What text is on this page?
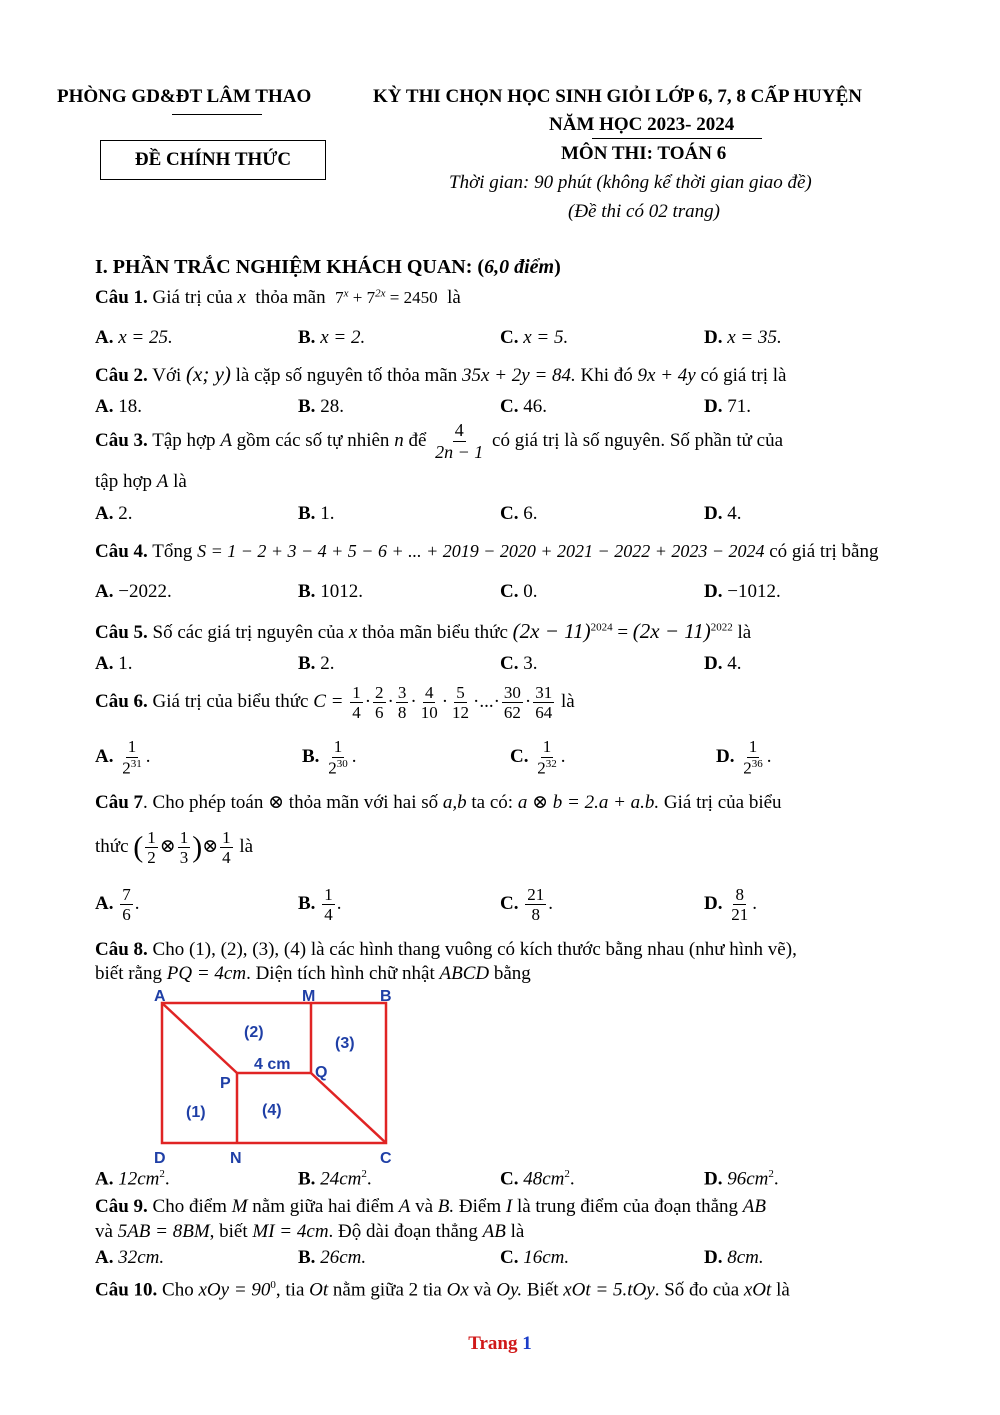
PHÒNG GD&ĐT LÂM THAO	KỲ THI CHỌN HỌC SINH GIỎI LỚP 6, 7, 8 CẤP HUYỆN
NĂM HỌC 2023- 2024
MÔN THI: TOÁN 6
Thời gian: 90 phút (không kể thời gian giao đề)
(Đề thi có 02 trang)
ĐỀ CHÍNH THỨC
I. PHẦN TRẮC NGHIỆM KHÁCH QUAN: (6,0 điểm)
Câu 1. Giá trị của x thỏa mãn $7^x + 7^{2x} = 2450$ là
A. x = 25.	B. x = 2.	C. x = 5.	D. x = 35.
Câu 2. Với (x; y) là cặp số nguyên tố thỏa mãn 35x + 2y = 84. Khi đó 9x + 4y có giá trị là
A. 18.	B. 28.	C. 46.	D. 71.
Câu 3. Tập hợp A gồm các số tự nhiên n để $\frac{4}{2n - 1}$ có giá trị là số nguyên. Số phần tử của
tập hợp A là
A. 2.	B. 1.	C. 6.	D. 4.
Câu 4. Tổng S = 1 − 2 + 3 − 4 + 5 − 6 + ... + 2019 − 2020 + 2021 − 2022 + 2023 − 2024 có giá trị bằng
A. −2022.	B. 1012.	C. 0.	D. −1012.
Câu 5. Số các giá trị nguyên của x thỏa mãn biểu thức $(2x - 11)^{2024} = (2x - 11)^{2022}$ là
A. 1.	B. 2.	C. 3.	D. 4.
Câu 6. Giá trị của biểu thức $C = \frac{1}{4} \cdot \frac{2}{6} \cdot \frac{3}{8} \cdot \frac{4}{10} \cdot \frac{5}{12}$ ·...· $\frac{30}{62} \cdot \frac{31}{64}$ là
A. $\frac{1}{2^{31}}$ .	B. $\frac{1}{2^{30}}$ .	C. $\frac{1}{2^{32}}$ .	D. $\frac{1}{2^{36}}$ .
Câu 7. Cho phép toán ⊗ thỏa mãn với hai số a,b ta có: a ⊗ b = 2.a + a.b. Giá trị của biểu
thức ( $\frac{1}{2}$ ⊗ $\frac{1}{3}$ )⊗ $\frac{1}{4}$ là
A. $\frac{7}{6}$ .	B. $\frac{1}{4}$ .	C. $\frac{21}{8}$ .	D. $\frac{8}{21}$ .
Câu 8. Cho (1), (2), (3), (4) là các hình thang vuông có kích thước bằng nhau (như hình vẽ),
biết rằng PQ = 4cm. Diện tích hình chữ nhật ABCD bằng
A	M	B
D	N	C
P
Q
(2)
(3)
(1)	(4)
4 cm
A. $12cm^2$.	B. $24cm^2$.	C. $48cm^2$.	D. $96cm^2$.
Câu 9. Cho điểm M nằm giữa hai điểm A và B. Điểm I là trung điểm của đoạn thẳng AB
và 5AB = 8BM, biết MI = 4cm. Độ dài đoạn thẳng AB là
A. 32cm.	B. 26cm.	C. 16cm.	D. 8cm.
Câu 10. Cho xOy = $90^0$, tia Ot nằm giữa 2 tia Ox và Oy. Biết xOt = 5.tOy. Số đo của xOt là
Trang 1
